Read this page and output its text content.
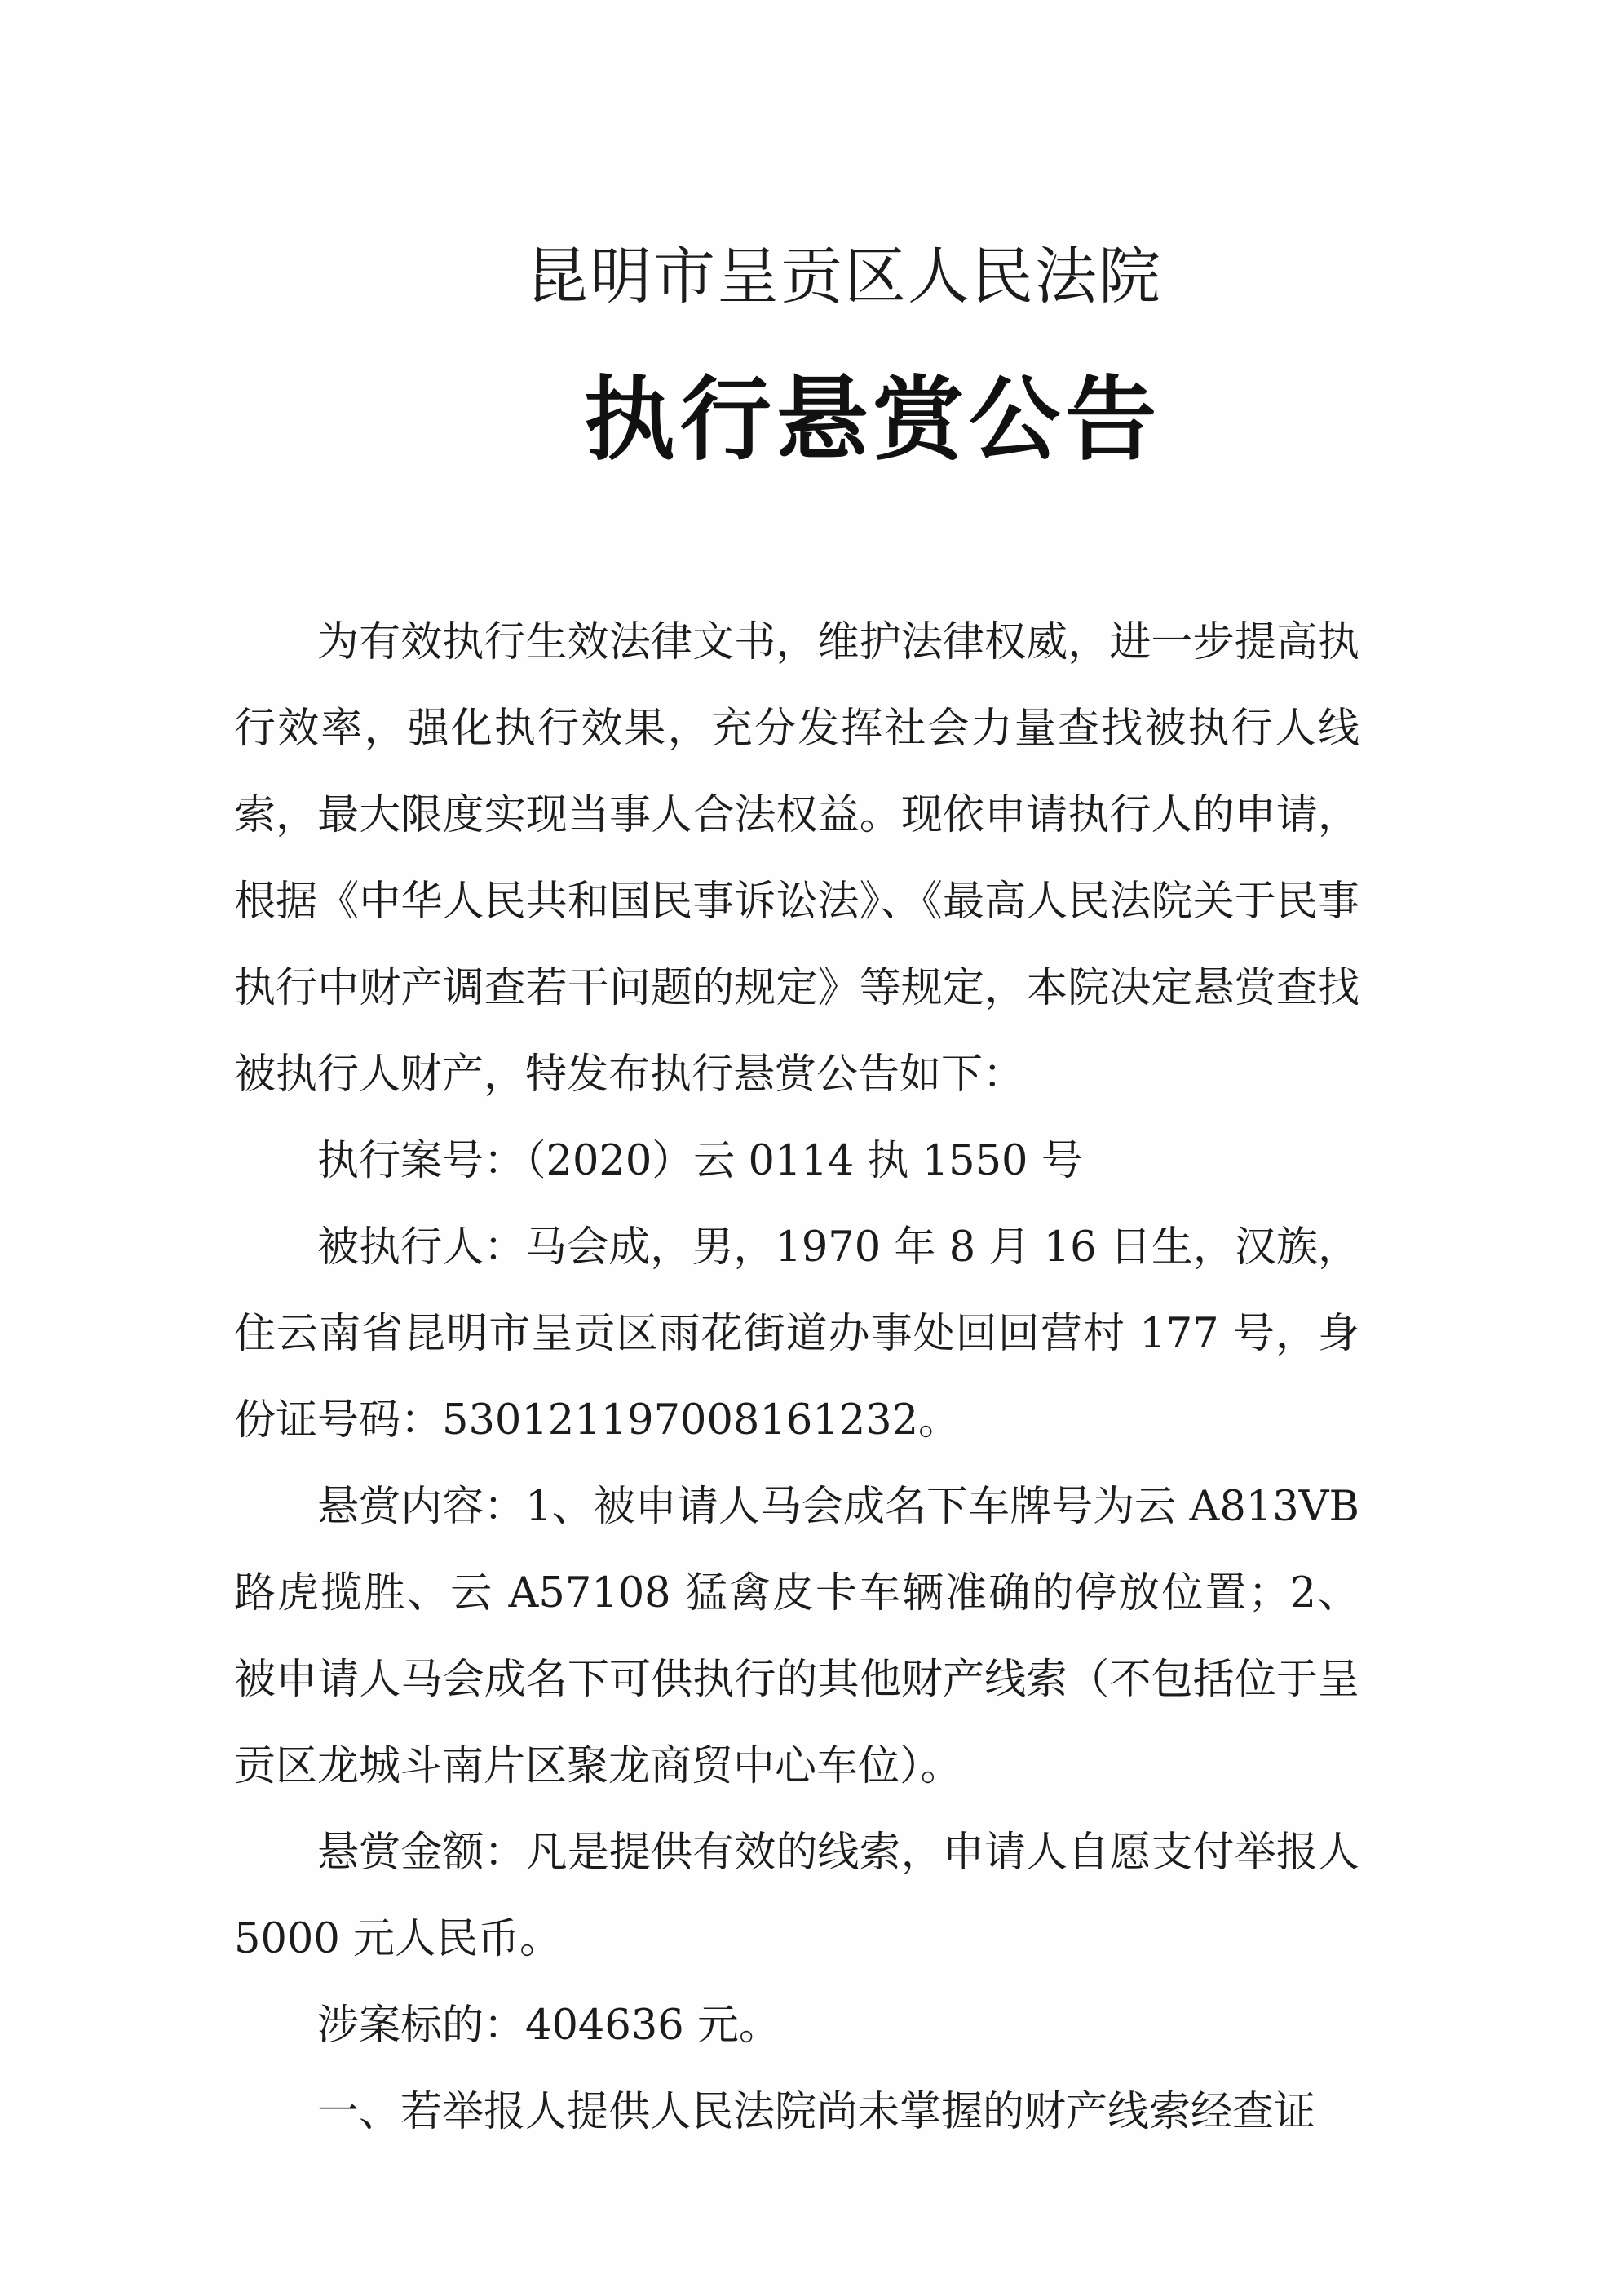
昆明市呈贡区人民法院
执行悬赏公告

为有效执行生效法律文书，维护法律权威，进一步提高执行效率，强化执行效果，充分发挥社会力量查找被执行人线索，最大限度实现当事人合法权益。现依申请执行人的申请，根据《中华人民共和国民事诉讼法》、《最高人民法院关于民事执行中财产调查若干问题的规定》等规定，本院决定悬赏查找被执行人财产，特发布执行悬赏公告如下：

执行案号：（2020）云 0114 执 1550 号

被执行人：马会成，男，1970 年 8 月 16 日生，汉族，住云南省昆明市呈贡区雨花街道办事处回回营村 177 号，身份证号码：530121197008161232。

悬赏内容：1、被申请人马会成名下车牌号为云 A813VB 路虎揽胜、云 A57108 猛禽皮卡车辆准确的停放位置；2、被申请人马会成名下可供执行的其他财产线索（不包括位于呈贡区龙城斗南片区聚龙商贸中心车位）。

悬赏金额：凡是提供有效的线索，申请人自愿支付举报人 5000 元人民币。

涉案标的：404636 元。

一、若举报人提供人民法院尚未掌握的财产线索经查证
